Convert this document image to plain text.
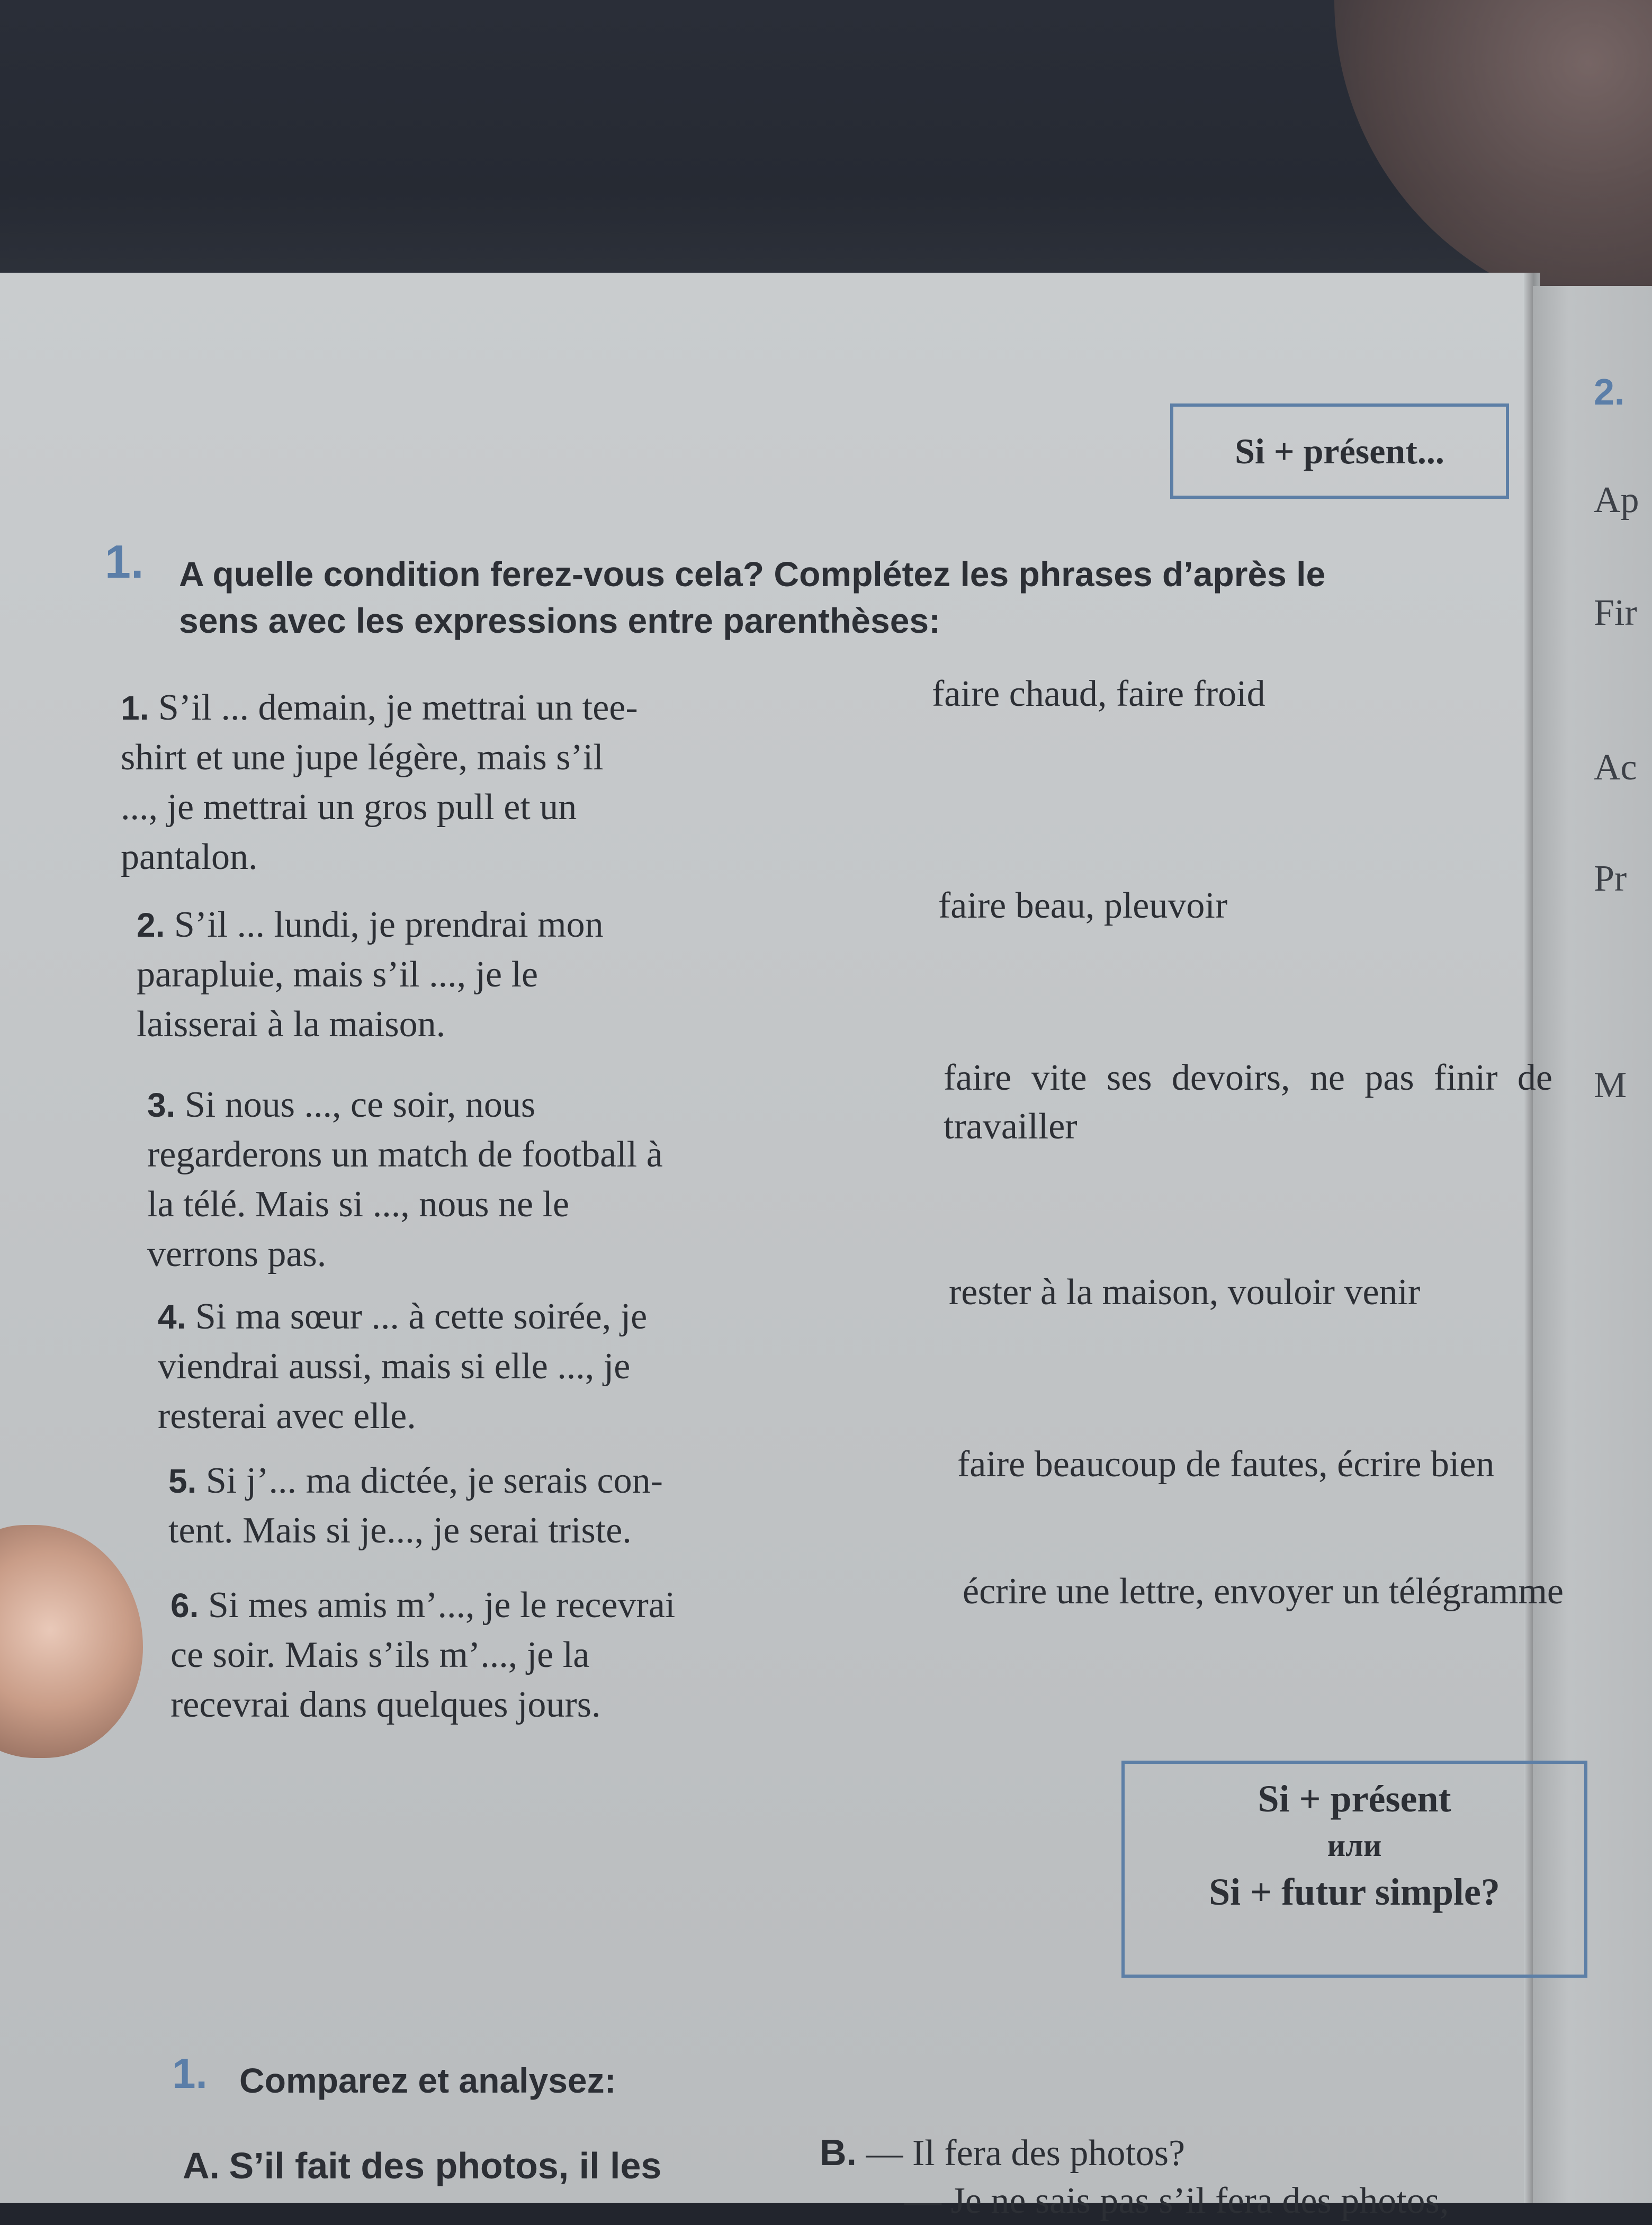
2.
Ap
Fir
Ac
Pr
M
Si + présent...
1. A quelle condition ferez-vous cela? Complétez les phrases d’après le
sens avec les expressions entre parenthèses:
1. S’il ... demain, je mettrai un tee-
shirt et une jupe légère, mais s’il
..., je mettrai un gros pull et un
pantalon.
faire chaud, faire froid
2. S’il ... lundi, je prendrai mon
parapluie, mais s’il ..., je le
laisserai à la maison.
faire beau, pleuvoir
3. Si nous ..., ce soir, nous
regarderons un match de football à
la télé. Mais si ..., nous ne le
verrons pas.
faire vite ses devoirs, ne pas finir de travailler
4. Si ma sœur ... à cette soirée, je
viendrai aussi, mais si elle ..., je
resterai avec elle.
rester à la maison, vouloir venir
5. Si j’... ma dictée, je serais con-
tent. Mais si je..., je serai triste.
faire beaucoup de fautes, écrire bien
6. Si mes amis m’..., je le recevrai
ce soir. Mais s’ils m’..., je la
recevrai dans quelques jours.
écrire une lettre, envoyer un télégramme
Si + présent
или
Si + futur simple?
1. Comparez et analysez:
A. S’il fait des photos, il les	B. — Il fera des photos?
— Je ne sais pas s’il fera des photos,
